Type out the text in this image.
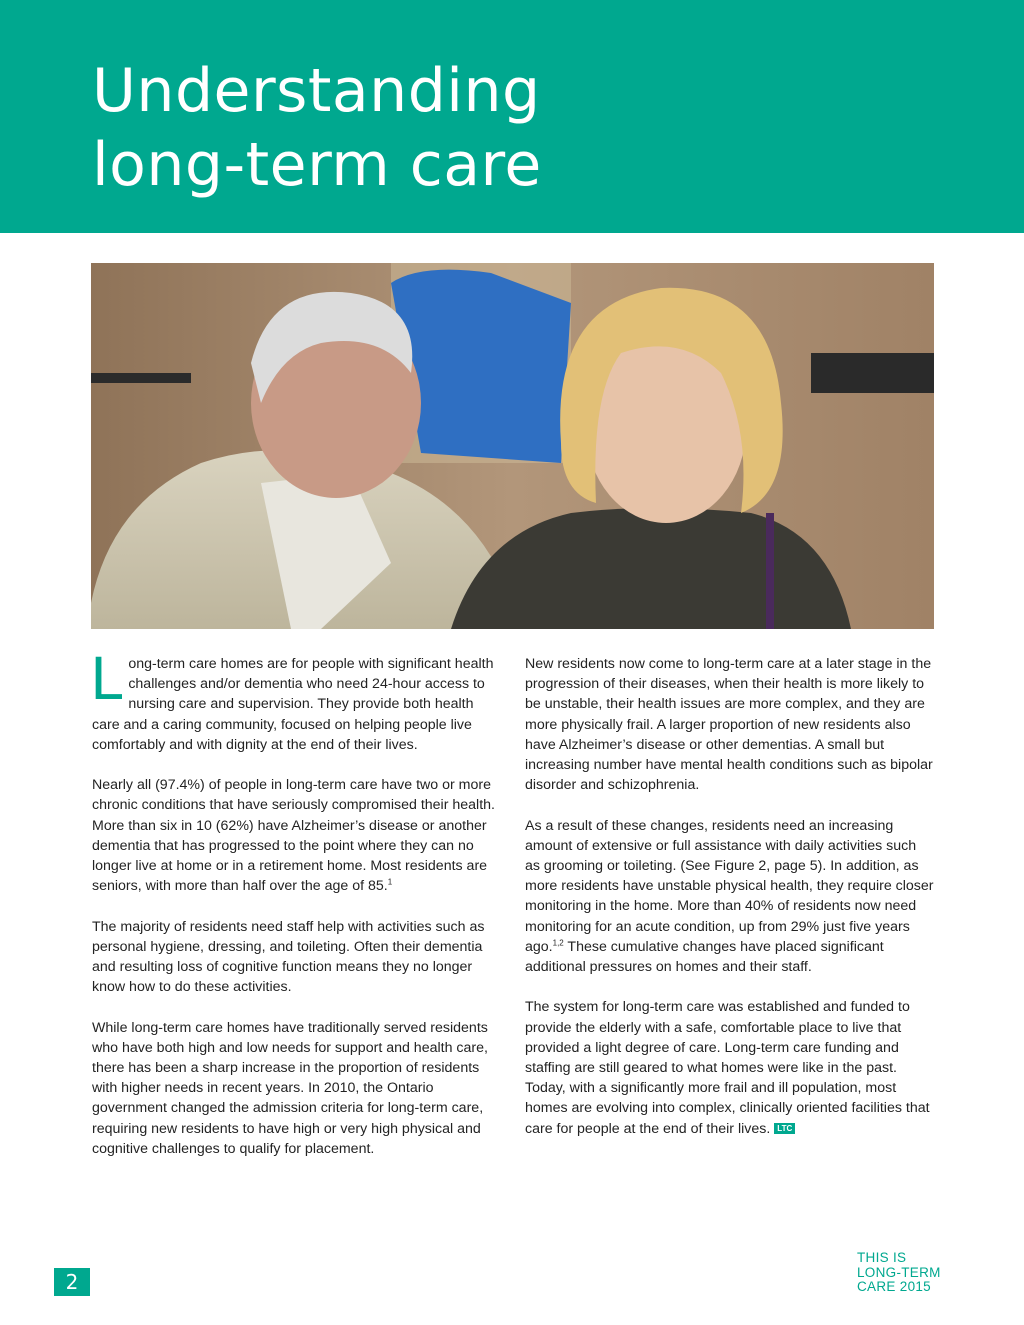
Understanding
long-term care

Long-term care homes are for people with significant health challenges and/or dementia who need 24-hour access to nursing care and supervision. They provide both health care and a caring community, focused on helping people live comfortably and with dignity at the end of their lives.

Nearly all (97.4%) of people in long-term care have two or more chronic conditions that have seriously compromised their health. More than six in 10 (62%) have Alzheimer’s disease or another dementia that has progressed to the point where they can no longer live at home or in a retirement home. Most residents are seniors, with more than half over the age of 85.$^1$

The majority of residents need staff help with activities such as personal hygiene, dressing, and toileting. Often their dementia and resulting loss of cognitive function means they no longer know how to do these activities.

While long-term care homes have traditionally served residents who have both high and low needs for support and health care, there has been a sharp increase in the proportion of residents with higher needs in recent years. In 2010, the Ontario government changed the admission criteria for long-term care, requiring new residents to have high or very high physical and cognitive challenges to qualify for placement.

New residents now come to long-term care at a later stage in the progression of their diseases, when their health is more likely to be unstable, their health issues are more complex, and they are more physically frail. A larger proportion of new residents also have Alzheimer’s disease or other dementias. A small but increasing number have mental health conditions such as bipolar disorder and schizophrenia.

As a result of these changes, residents need an increasing amount of extensive or full assistance with daily activities such as grooming or toileting. (See Figure 2, page 5). In addition, as more residents have unstable physical health, they require closer monitoring in the home. More than 40% of residents now need monitoring for an acute condition, up from 29% just five years ago.$^{1,2}$ These cumulative changes have placed significant additional pressures on homes and their staff.

The system for long-term care was established and funded to provide the elderly with a safe, comfortable place to live that provided a light degree of care. Long-term care funding and staffing are still geared to what homes were like in the past. Today, with a significantly more frail and ill population, most homes are evolving into complex, clinically oriented facilities that care for people at the end of their lives. LTC

2
THIS IS
LONG-TERM
CARE 2015
